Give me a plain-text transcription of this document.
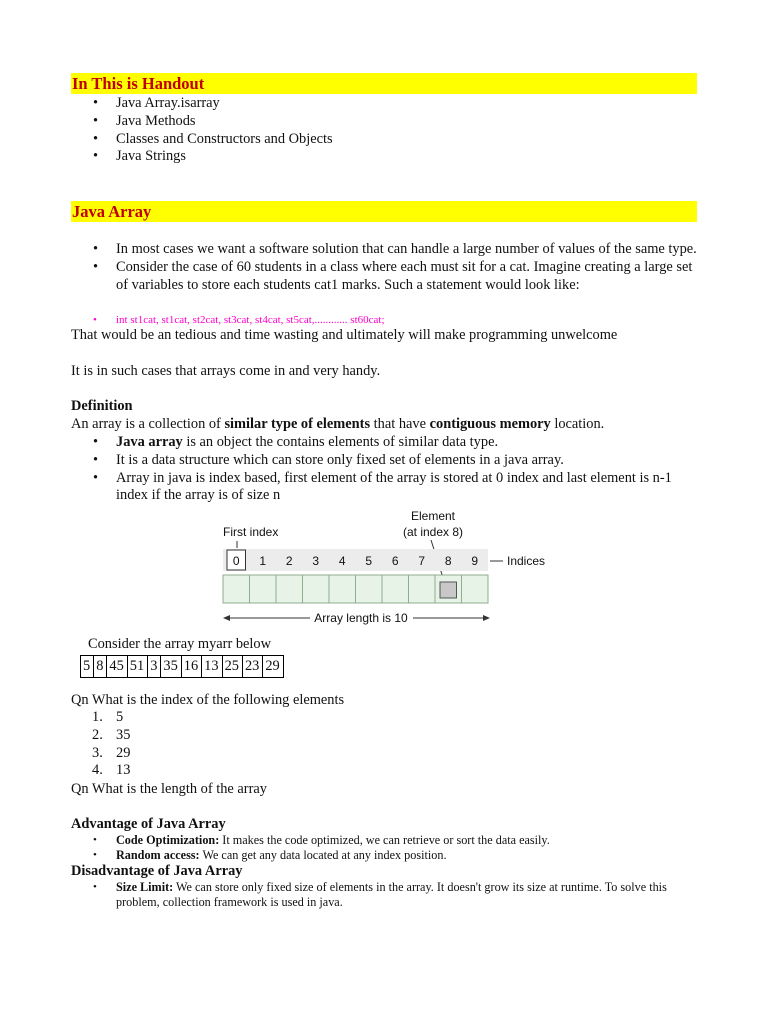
In This is Handout
• Java Array.isarray
• Java Methods
• Classes and Constructors and Objects
• Java Strings
Java Array
• In most cases we want a software solution that can handle a large number of values of the same type.
• Consider the case of 60 students in a class where each must sit for a cat. Imagine creating a large set of variables to store each students cat1 marks. Such a statement would look like:
• int st1cat, st1cat, st2cat, st3cat, st4cat, st5cat,............ st60cat;
That would be an tedious and time wasting and ultimately will make programming unwelcome
It is in such cases that arrays come in and very handy.
Definition
An array is a collection of similar type of elements that have contiguous memory location.
• Java array is an object the contains elements of similar data type.
• It is a data structure which can store only fixed set of elements in a java array.
• Array in java is index based, first element of the array is stored at 0 index and last element is n-1 index if the array is of size n
First index
Element
(at index 8)
0 1 2 3 4 5 6 7 8 9 Indices
Array length is 10
Consider the array myarr below
5	8	45	51	3	35	16	13	25	23	29
Qn What is the index of the following elements
1. 5
2. 35
3. 29
4. 13
Qn What is the length of the array
Advantage of Java Array
• Code Optimization: It makes the code optimized, we can retrieve or sort the data easily.
• Random access: We can get any data located at any index position.
Disadvantage of Java Array
• Size Limit: We can store only fixed size of elements in the array. It doesn't grow its size at runtime. To solve this problem, collection framework is used in java.
